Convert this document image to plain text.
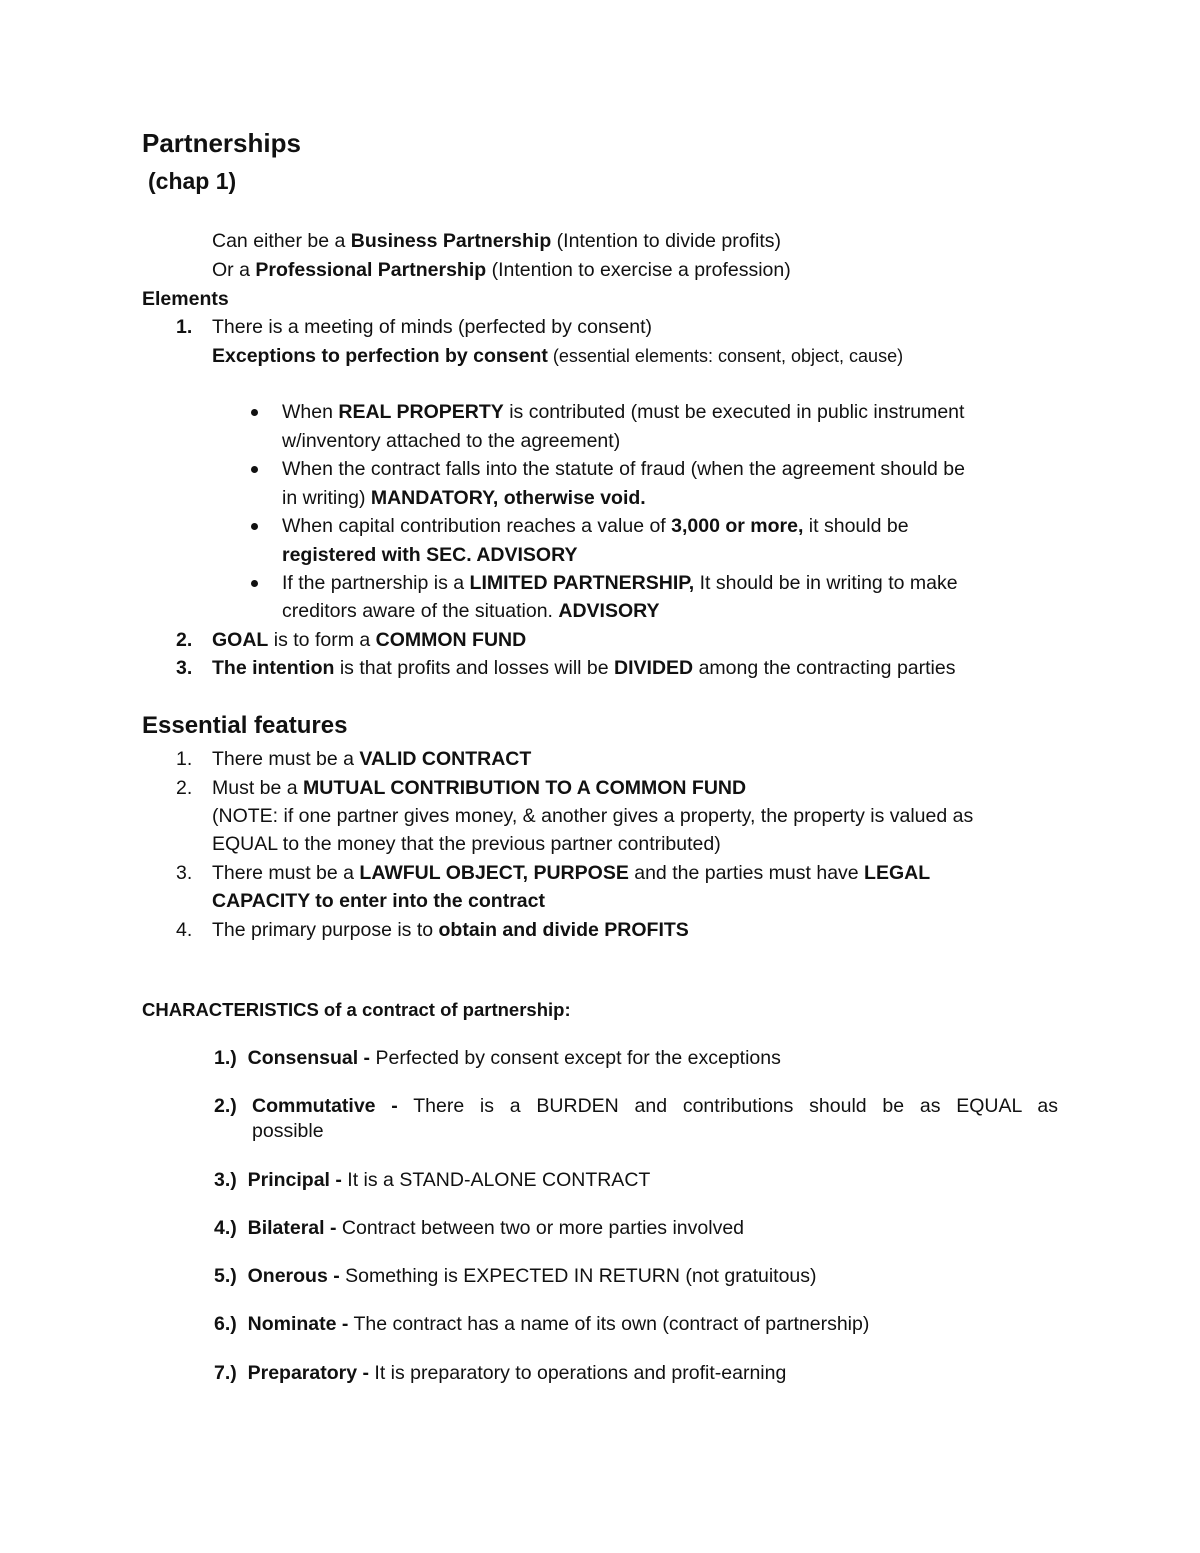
Partnerships
(chap 1)
Can either be a Business Partnership (Intention to divide profits)
Or a Professional Partnership (Intention to exercise a profession)
Elements
1. There is a meeting of minds (perfected by consent)
Exceptions to perfection by consent (essential elements: consent, object, cause)
When REAL PROPERTY is contributed (must be executed in public instrument
w/inventory attached to the agreement)
When the contract falls into the statute of fraud (when the agreement should be
in writing) MANDATORY, otherwise void.
When capital contribution reaches a value of 3,000 or more, it should be
registered with SEC. ADVISORY
If the partnership is a LIMITED PARTNERSHIP, It should be in writing to make
creditors aware of the situation. ADVISORY
2. GOAL is to form a COMMON FUND
3. The intention is that profits and losses will be DIVIDED among the contracting parties
Essential features
1. There must be a VALID CONTRACT
2. Must be a MUTUAL CONTRIBUTION TO A COMMON FUND
(NOTE: if one partner gives money, & another gives a property, the property is valued as
EQUAL to the money that the previous partner contributed)
3. There must be a LAWFUL OBJECT, PURPOSE and the parties must have LEGAL
CAPACITY to enter into the contract
4. The primary purpose is to obtain and divide PROFITS
CHARACTERISTICS of a contract of partnership:
1.) Consensual - Perfected by consent except for the exceptions
2.) Commutative - There is a BURDEN and contributions should be as EQUAL as
possible
3.) Principal - It is a STAND-ALONE CONTRACT
4.) Bilateral - Contract between two or more parties involved
5.) Onerous - Something is EXPECTED IN RETURN (not gratuitous)
6.) Nominate - The contract has a name of its own (contract of partnership)
7.) Preparatory - It is preparatory to operations and profit-earning
